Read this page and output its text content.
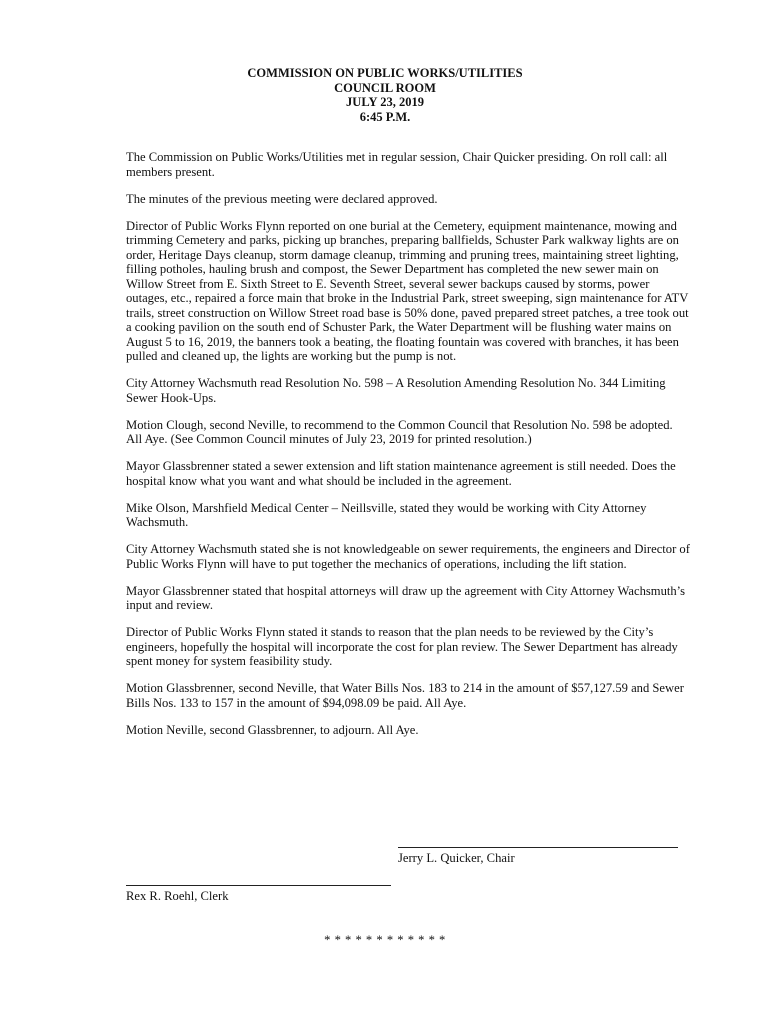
COMMISSION ON PUBLIC WORKS/UTILITIES
COUNCIL ROOM
JULY 23, 2019
6:45 P.M.

The Commission on Public Works/Utilities met in regular session, Chair Quicker presiding. On roll call: all members present.

The minutes of the previous meeting were declared approved.

Director of Public Works Flynn reported on one burial at the Cemetery, equipment maintenance, mowing and trimming Cemetery and parks, picking up branches, preparing ballfields, Schuster Park walkway lights are on order, Heritage Days cleanup, storm damage cleanup, trimming and pruning trees, maintaining street lighting, filling potholes, hauling brush and compost, the Sewer Department has completed the new sewer main on Willow Street from E. Sixth Street to E. Seventh Street, several sewer backups caused by storms, power outages, etc., repaired a force main that broke in the Industrial Park, street sweeping, sign maintenance for ATV trails, street construction on Willow Street road base is 50% done, paved prepared street patches, a tree took out a cooking pavilion on the south end of Schuster Park, the Water Department will be flushing water mains on August 5 to 16, 2019, the banners took a beating, the floating fountain was covered with branches, it has been pulled and cleaned up, the lights are working but the pump is not.

City Attorney Wachsmuth read Resolution No. 598 – A Resolution Amending Resolution No. 344 Limiting Sewer Hook-Ups.

Motion Clough, second Neville, to recommend to the Common Council that Resolution No. 598 be adopted. All Aye. (See Common Council minutes of July 23, 2019 for printed resolution.)

Mayor Glassbrenner stated a sewer extension and lift station maintenance agreement is still needed. Does the hospital know what you want and what should be included in the agreement.

Mike Olson, Marshfield Medical Center – Neillsville, stated they would be working with City Attorney Wachsmuth.

City Attorney Wachsmuth stated she is not knowledgeable on sewer requirements, the engineers and Director of Public Works Flynn will have to put together the mechanics of operations, including the lift station.

Mayor Glassbrenner stated that hospital attorneys will draw up the agreement with City Attorney Wachsmuth’s input and review.

Director of Public Works Flynn stated it stands to reason that the plan needs to be reviewed by the City’s engineers, hopefully the hospital will incorporate the cost for plan review. The Sewer Department has already spent money for system feasibility study.

Motion Glassbrenner, second Neville, that Water Bills Nos. 183 to 214 in the amount of $57,127.59 and Sewer Bills Nos. 133 to 157 in the amount of $94,098.09 be paid. All Aye.

Motion Neville, second Glassbrenner, to adjourn. All Aye.

Jerry L. Quicker, Chair
Rex R. Roehl, Clerk
* * * * * * * * * * * *
